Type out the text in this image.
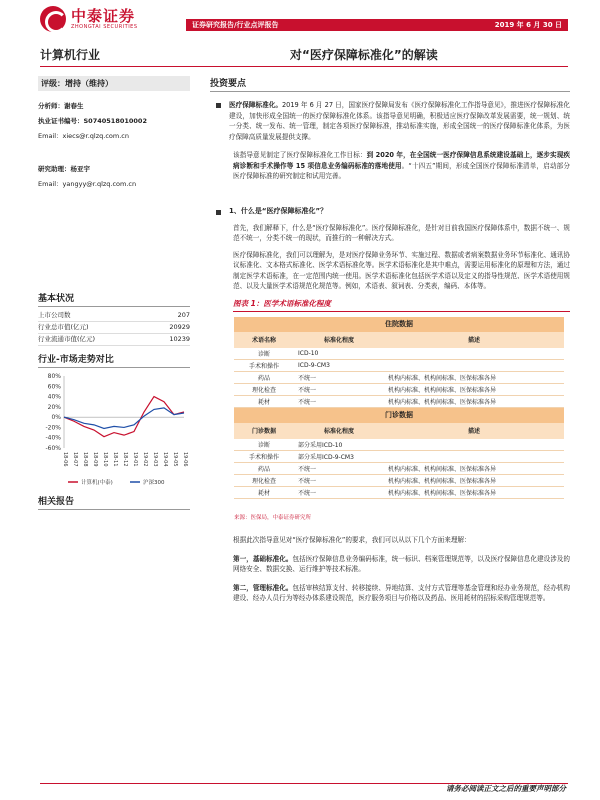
中泰证券
ZHONGTAI SECURITIES	证券研究报告/行业点评报告	2019 年 6 月 30 日
计算机行业	对“医疗保障标准化”的解读
评级：增持（维持）
分析师：谢春生
执业证书编号：S0740518010002
Email：xiecs@r.qlzq.com.cn
研究助理：杨亚宇
Email：yangyy@r.qlzq.com.cn
基本状况
上市公司数	207
行业总市值(亿元)	20929
行业流通市值(亿元)	10239
行业-市场走势对比
相关报告
80%
60%
40%
20%
0%
-20%
-40%
-60%
18-06 18-07 18-08 18-09 18-10 18-11 18-12 19-01 19-02 19-03 19-04 19-05 19-06
计算机(中泰)	沪深300
投资要点
医疗保障标准化。2019 年 6 月 27 日，国家医疗保障局发布《医疗保障标准化工作指导意见》，推进医疗保障标准化建设，加快形成全国统一的医疗保障标准化体系。该指导意见明确，积极适应医疗保障改革发展需要，统一规划、统一分类、统一发布、统一管理，制定各项医疗保障标准，推动标准实施，形成全国统一的医疗保障标准化体系，为医疗保障高质量发展提供支撑。
该指导意见制定了医疗保障标准化工作目标：到 2020 年，在全国统一医疗保障信息系统建设基础上，逐步实现疾病诊断和手术操作等 15 项信息业务编码标准的落地使用。“十四五”期间，形成全国医疗保障标准清单，启动部分医疗保障标准的研究制定和试用完善。
1、什么是“医疗保障标准化”？
首先，我们解释下，什么是“医疗保障标准化”。医疗保障标准化，是针对目前我国医疗保障体系中，数据不统一、规范不统一，分类不统一的现状，而推行的一种解决方式。
医疗保障标准化，我们可以理解为，是对医疗保障业务环节、实施过程、数据或者病案数据业务环节标准化、通讯协议标准化、文本格式标准化、医学术语标准化等。医学术语标准化是其中难点，需要运用标准化的原理和方法，通过制定医学术语标准，在一定范围内统一使用。医学术语标准化包括医学术语以及定义的指导性规范、医学术语使用规范、以及大量医学术语规范化规范等。例如，术语表、叙词表、分类表，编码、本体等。
图表 1：医学术语标准化程度
住院数据		
术语名称	标准化程度	描述
诊断	ICD-10	
手术和操作	ICD-9-CM3	
药品	不统一	机构内标准、机构间标准、医保标准各异
理化检查	不统一	机构内标准、机构间标准、医保标准各异
耗材	不统一	机构内标准、机构间标准、医保标准各异
门诊数据		
门诊数据	标准化程度	描述
诊断	部分采用ICD-10	
手术和操作	部分采用ICD-9-CM3	
药品	不统一	机构内标准、机构间标准、医保标准各异
理化检查	不统一	机构内标准、机构间标准、医保标准各异
耗材	不统一	机构内标准、机构间标准、医保标准各异
来源：医保局，中泰证券研究所
根据此次指导意见对“医疗保障标准化”的要求，我们可以从以下几个方面来理解：
第一，基础标准化。包括医疗保障信息业务编码标准，统一标识、档案管理规范等，以及医疗保障信息化建设涉及的网络安全、数据交换、运行维护等技术标准。
第二，管理标准化。包括审核结算支付、转移接续、异地结算、支付方式管理等基金管理和经办业务规范，经办机构建设、经办人员行为等经办体系建设规范，医疗服务项目与价格以及药品、医用耗材的招标采购管理规范等。
请务必阅读正文之后的重要声明部分
